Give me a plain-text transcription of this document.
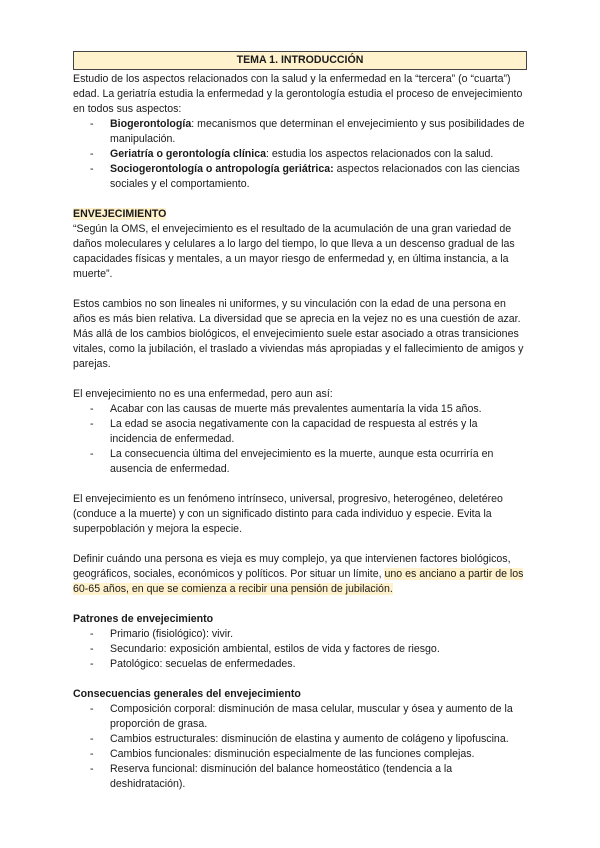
TEMA 1. INTRODUCCIÓN

Estudio de los aspectos relacionados con la salud y la enfermedad en la “tercera” (o “cuarta”) edad. La geriatría estudia la enfermedad y la gerontología estudia el proceso de envejecimiento en todos sus aspectos:

- Biogerontología: mecanismos que determinan el envejecimiento y sus posibilidades de manipulación.
- Geriatría o gerontología clínica: estudia los aspectos relacionados con la salud.
- Sociogerontología o antropología geriátrica: aspectos relacionados con las ciencias sociales y el comportamiento.

ENVEJECIMIENTO

“Según la OMS, el envejecimiento es el resultado de la acumulación de una gran variedad de daños moleculares y celulares a lo largo del tiempo, lo que lleva a un descenso gradual de las capacidades físicas y mentales, a un mayor riesgo de enfermedad y, en última instancia, a la muerte”.

Estos cambios no son lineales ni uniformes, y su vinculación con la edad de una persona en años es más bien relativa. La diversidad que se aprecia en la vejez no es una cuestión de azar. Más allá de los cambios biológicos, el envejecimiento suele estar asociado a otras transiciones vitales, como la jubilación, el traslado a viviendas más apropiadas y el fallecimiento de amigos y parejas.

El envejecimiento no es una enfermedad, pero aun así:

- Acabar con las causas de muerte más prevalentes aumentaría la vida 15 años.
- La edad se asocia negativamente con la capacidad de respuesta al estrés y la incidencia de enfermedad.
- La consecuencia última del envejecimiento es la muerte, aunque esta ocurriría en ausencia de enfermedad.

El envejecimiento es un fenómeno intrínseco, universal, progresivo, heterogéneo, deletéreo (conduce a la muerte) y con un significado distinto para cada individuo y especie. Evita la superpoblación y mejora la especie.

Definir cuándo una persona es vieja es muy complejo, ya que intervienen factores biológicos, geográficos, sociales, económicos y políticos. Por situar un límite, uno es anciano a partir de los 60-65 años, en que se comienza a recibir una pensión de jubilación.

Patrones de envejecimiento

- Primario (fisiológico): vivir.
- Secundario: exposición ambiental, estilos de vida y factores de riesgo.
- Patológico: secuelas de enfermedades.

Consecuencias generales del envejecimiento

- Composición corporal: disminución de masa celular, muscular y ósea y aumento de la proporción de grasa.
- Cambios estructurales: disminución de elastina y aumento de colágeno y lipofuscina.
- Cambios funcionales: disminución especialmente de las funciones complejas.
- Reserva funcional: disminución del balance homeostático (tendencia a la deshidratación).
